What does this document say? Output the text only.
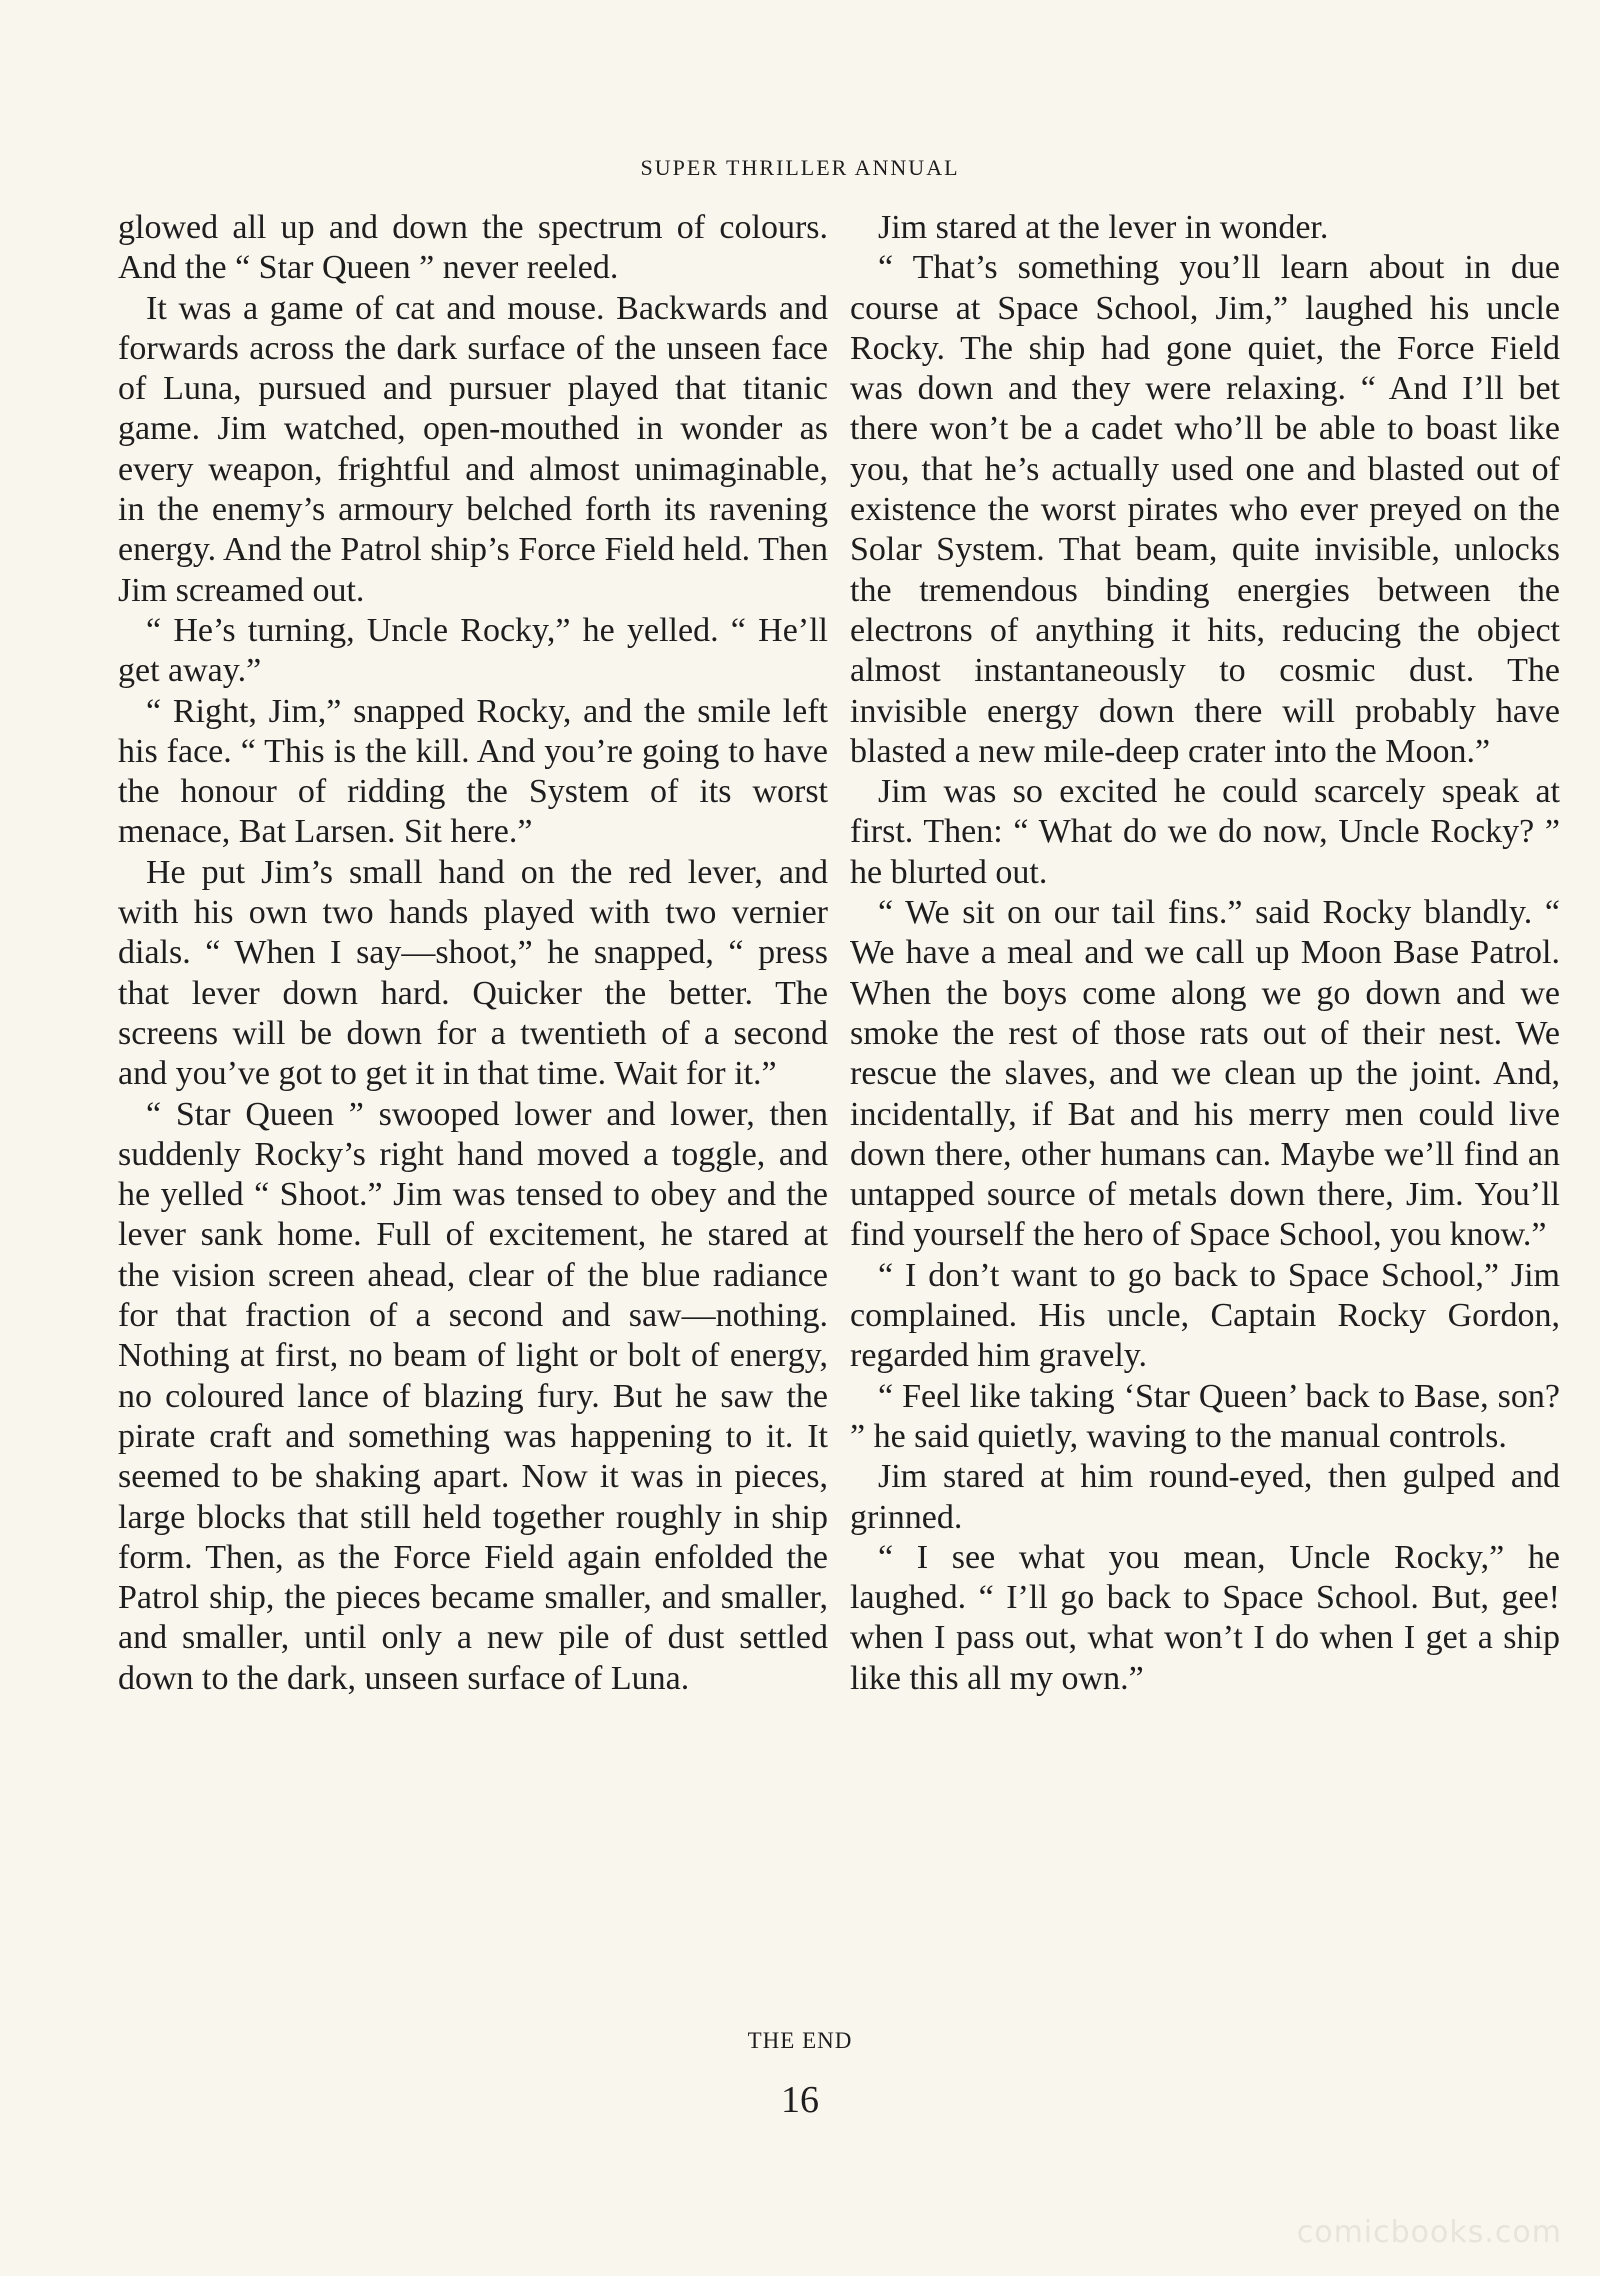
SUPER THRILLER ANNUAL

glowed all up and down the spectrum of colours. And the “ Star Queen ” never reeled.

It was a game of cat and mouse. Backwards and forwards across the dark surface of the unseen face of Luna, pursued and pursuer played that titanic game. Jim watched, open-mouthed in wonder as every weapon, frightful and almost unimaginable, in the enemy’s armoury belched forth its ravening energy. And the Patrol ship’s Force Field held. Then Jim screamed out.

“ He’s turning, Uncle Rocky,” he yelled. “ He’ll get away.”

“ Right, Jim,” snapped Rocky, and the smile left his face. “ This is the kill. And you’re going to have the honour of ridding the System of its worst menace, Bat Larsen. Sit here.”

He put Jim’s small hand on the red lever, and with his own two hands played with two vernier dials. “ When I say—shoot,” he snapped, “ press that lever down hard. Quicker the better. The screens will be down for a twentieth of a second and you’ve got to get it in that time. Wait for it.”

“ Star Queen ” swooped lower and lower, then suddenly Rocky’s right hand moved a toggle, and he yelled “ Shoot.” Jim was tensed to obey and the lever sank home. Full of excitement, he stared at the vision screen ahead, clear of the blue radiance for that fraction of a second and saw—nothing. Nothing at first, no beam of light or bolt of energy, no coloured lance of blazing fury. But he saw the pirate craft and something was happening to it. It seemed to be shaking apart. Now it was in pieces, large blocks that still held together roughly in ship form. Then, as the Force Field again enfolded the Patrol ship, the pieces became smaller, and smaller, and smaller, until only a new pile of dust settled down to the dark, unseen surface of Luna.

Jim stared at the lever in wonder.

“ That’s something you’ll learn about in due course at Space School, Jim,” laughed his uncle Rocky. The ship had gone quiet, the Force Field was down and they were relaxing. “ And I’ll bet there won’t be a cadet who’ll be able to boast like you, that he’s actually used one and blasted out of existence the worst pirates who ever preyed on the Solar System. That beam, quite invisible, unlocks the tremendous binding energies between the electrons of anything it hits, reducing the object almost instantaneously to cosmic dust. The invisible energy down there will probably have blasted a new mile-deep crater into the Moon.”

Jim was so excited he could scarcely speak at first. Then: “ What do we do now, Uncle Rocky? ” he blurted out.

“ We sit on our tail fins.” said Rocky blandly. “ We have a meal and we call up Moon Base Patrol. When the boys come along we go down and we smoke the rest of those rats out of their nest. We rescue the slaves, and we clean up the joint. And, incidentally, if Bat and his merry men could live down there, other humans can. Maybe we’ll find an untapped source of metals down there, Jim. You’ll find yourself the hero of Space School, you know.”

“ I don’t want to go back to Space School,” Jim complained. His uncle, Captain Rocky Gordon, regarded him gravely.

“ Feel like taking ‘Star Queen’ back to Base, son? ” he said quietly, waving to the manual controls.

Jim stared at him round-eyed, then gulped and grinned.

“ I see what you mean, Uncle Rocky,” he laughed. “ I’ll go back to Space School. But, gee! when I pass out, what won’t I do when I get a ship like this all my own.”

THE END
16
comicbooks.com
